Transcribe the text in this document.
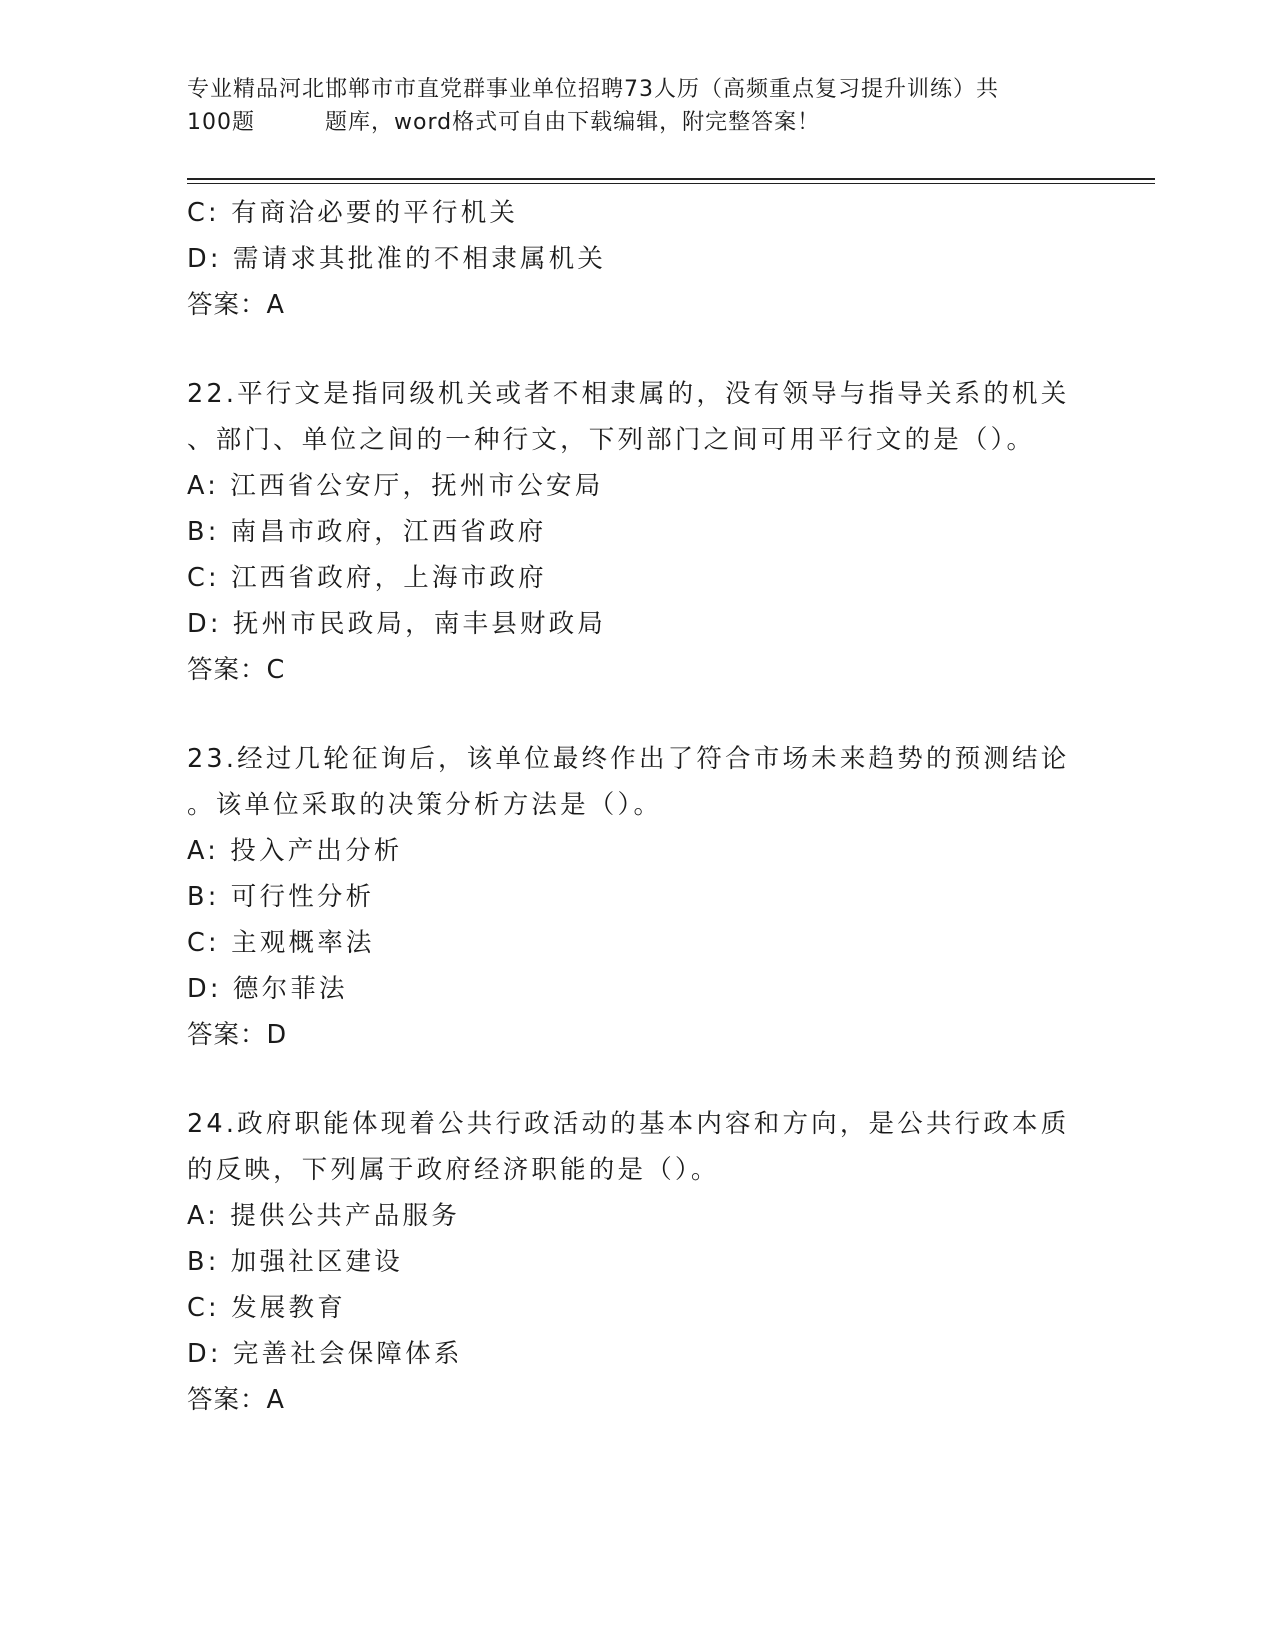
专业精品河北邯郸市市直党群事业单位招聘73人历（高频重点复习提升训练）共
100题	题库，word格式可自由下载编辑，附完整答案！
C: 有商洽必要的平行机关
D: 需请求其批准的不相隶属机关
答案：A
22.平行文是指同级机关或者不相隶属的，没有领导与指导关系的机关
、部门、单位之间的一种行文，下列部门之间可用平行文的是（）。
A: 江西省公安厅，抚州市公安局
B: 南昌市政府，江西省政府
C: 江西省政府，上海市政府
D: 抚州市民政局，南丰县财政局
答案：C
23.经过几轮征询后，该单位最终作出了符合市场未来趋势的预测结论
。该单位采取的决策分析方法是（）。
A: 投入产出分析
B: 可行性分析
C: 主观概率法
D: 德尔菲法
答案：D
24.政府职能体现着公共行政活动的基本内容和方向，是公共行政本质
的反映，下列属于政府经济职能的是（）。
A: 提供公共产品服务
B: 加强社区建设
C: 发展教育
D: 完善社会保障体系
答案：A
